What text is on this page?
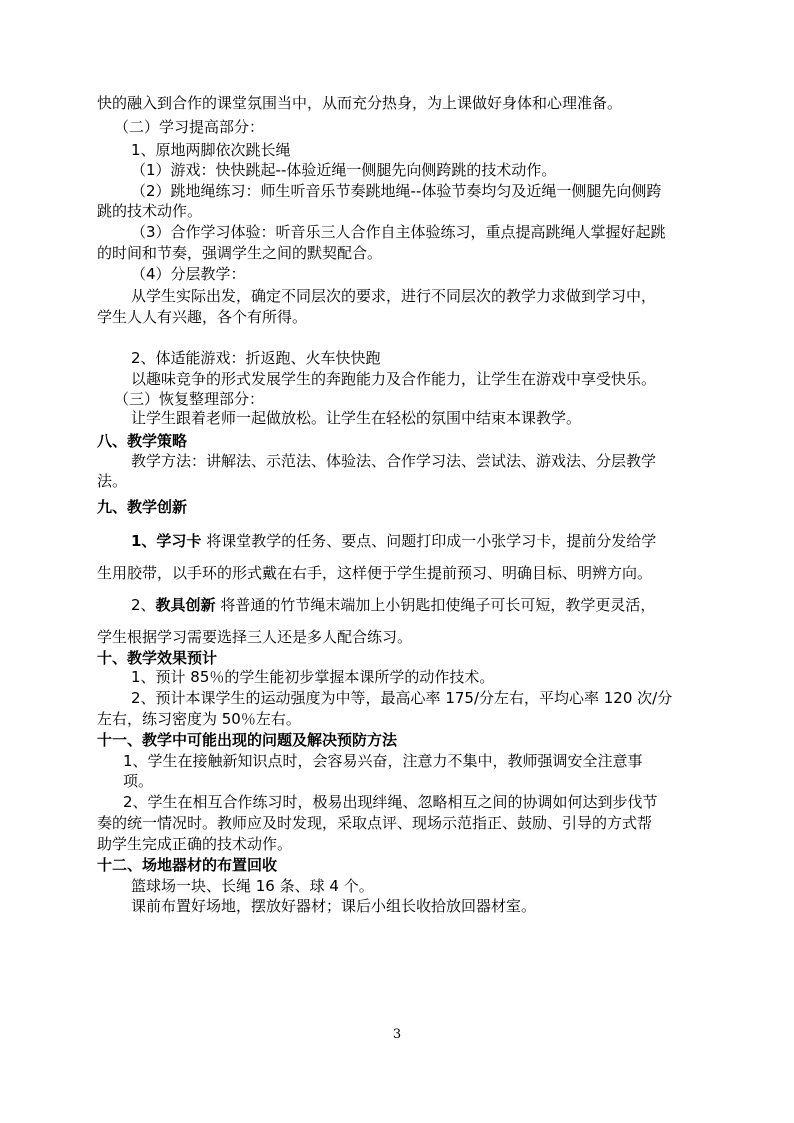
快的融入到合作的课堂氛围当中，从而充分热身，为上课做好身体和心理准备。
（二）学习提高部分：
1、原地两脚依次跳长绳
（1）游戏：快快跳起--体验近绳一侧腿先向侧跨跳的技术动作。
（2）跳地绳练习：师生听音乐节奏跳地绳--体验节奏均匀及近绳一侧腿先向侧跨
跳的技术动作。
（3）合作学习体验：听音乐三人合作自主体验练习，重点提高跳绳人掌握好起跳
的时间和节奏，强调学生之间的默契配合。
（4）分层教学：
从学生实际出发，确定不同层次的要求，进行不同层次的教学力求做到学习中，
学生人人有兴趣，各个有所得。
2、体适能游戏：折返跑、火车快快跑
以趣味竞争的形式发展学生的奔跑能力及合作能力，让学生在游戏中享受快乐。
（三）恢复整理部分：
让学生跟着老师一起做放松。让学生在轻松的氛围中结束本课教学。
八、教学策略
教学方法：讲解法、示范法、体验法、合作学习法、尝试法、游戏法、分层教学
法。
九、教学创新
1、学习卡 将课堂教学的任务、要点、问题打印成一小张学习卡，提前分发给学
生用胶带，以手环的形式戴在右手，这样便于学生提前预习、明确目标、明辨方向。
2、教具创新 将普通的竹节绳末端加上小钥匙扣使绳子可长可短，教学更灵活，
学生根据学习需要选择三人还是多人配合练习。
十、教学效果预计
1、预计 85％的学生能初步掌握本课所学的动作技术。
2、预计本课学生的运动强度为中等，最高心率 175/分左右，平均心率 120 次/分
左右，练习密度为 50％左右。
十一、教学中可能出现的问题及解决预防方法
1、学生在接触新知识点时，会容易兴奋，注意力不集中，教师强调安全注意事
项。
2、学生在相互合作练习时，极易出现绊绳、忽略相互之间的协调如何达到步伐节
奏的统一情况时。教师应及时发现，采取点评、现场示范指正、鼓励、引导的方式帮
助学生完成正确的技术动作。
十二、场地器材的布置回收
篮球场一块、长绳 16 条、球 4 个。
课前布置好场地，摆放好器材；课后小组长收拾放回器材室。
3
